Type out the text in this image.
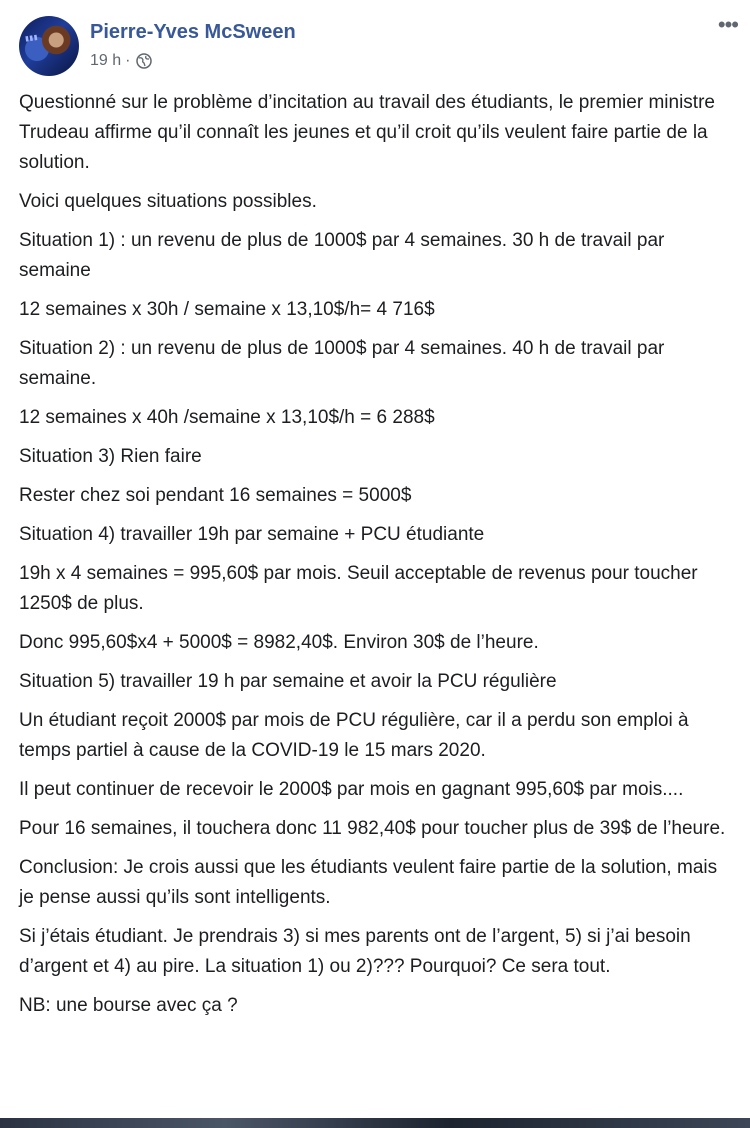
▮▮▮	Pierre-Yves McSween
19 h ·
•••

Questionné sur le problème d’incitation au travail des étudiants, le premier ministre Trudeau affirme qu’il connaît les jeunes et qu’il croit qu’ils veulent faire partie de la solution.

Voici quelques situations possibles.

Situation 1) : un revenu de plus de 1000$ par 4 semaines. 30 h de travail par semaine

12 semaines x 30h / semaine x 13,10$/h= 4 716$

Situation 2) : un revenu de plus de 1000$ par 4 semaines. 40 h de travail par semaine.

12 semaines x 40h /semaine x 13,10$/h = 6 288$

Situation 3) Rien faire

Rester chez soi pendant 16 semaines = 5000$

Situation 4) travailler 19h par semaine + PCU étudiante

19h x 4 semaines = 995,60$ par mois. Seuil acceptable de revenus pour toucher 1250$ de plus.

Donc 995,60$x4 + 5000$ = 8982,40$. Environ 30$ de l’heure.

Situation 5) travailler 19 h par semaine et avoir la PCU régulière

Un étudiant reçoit 2000$ par mois de PCU régulière, car il a perdu son emploi à temps partiel à cause de la COVID-19 le 15 mars 2020.

Il peut continuer de recevoir le 2000$ par mois en gagnant 995,60$ par mois....

Pour 16 semaines, il touchera donc 11 982,40$ pour toucher plus de 39$ de l’heure.

Conclusion: Je crois aussi que les étudiants veulent faire partie de la solution, mais je pense aussi qu’ils sont intelligents.

Si j’étais étudiant. Je prendrais 3) si mes parents ont de l’argent, 5) si j’ai besoin d’argent et 4) au pire. La situation 1) ou 2)??? Pourquoi? Ce sera tout.

NB: une bourse avec ça ?
